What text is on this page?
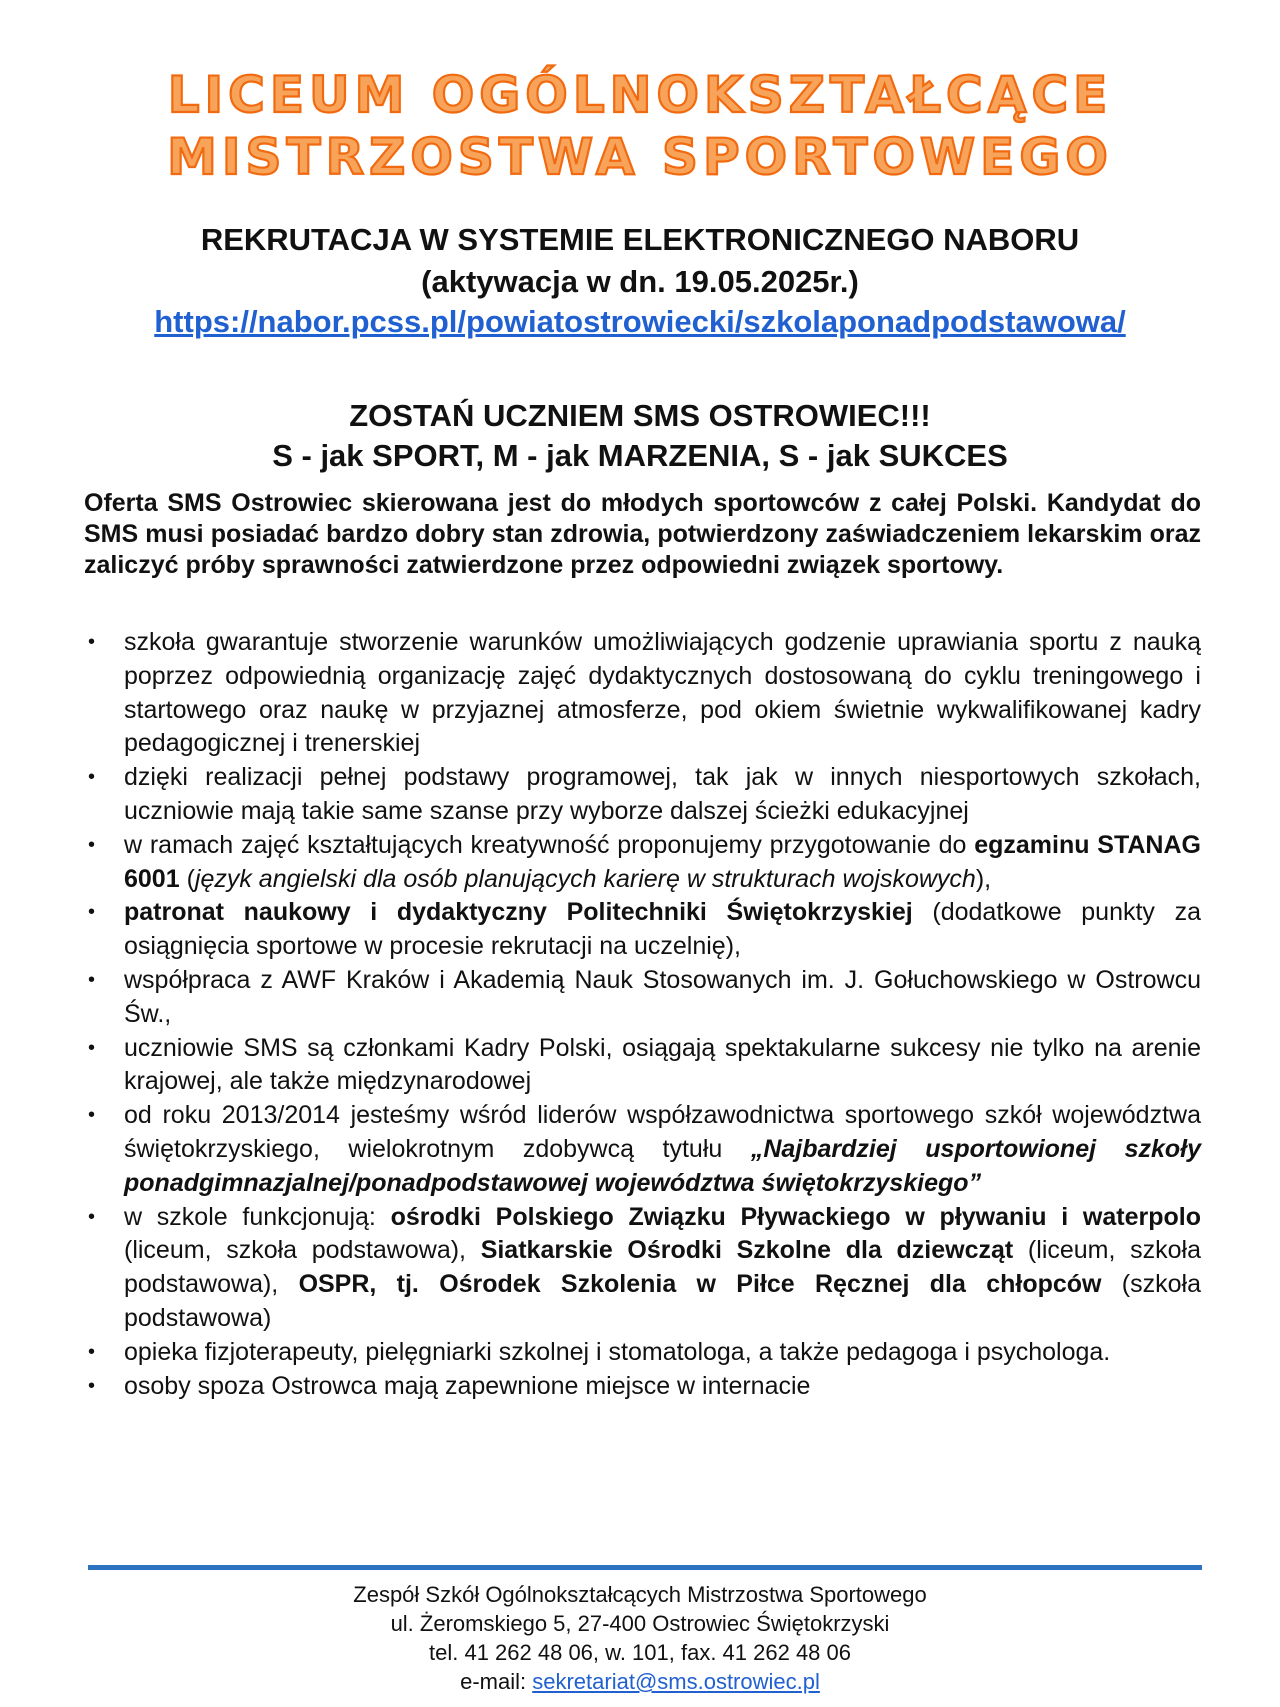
LICEUM OGÓLNOKSZTAŁCĄCE
MISTRZOSTWA SPORTOWEGO
REKRUTACJA W SYSTEMIE ELEKTRONICZNEGO NABORU
(aktywacja w dn. 19.05.2025r.)
https://nabor.pcss.pl/powiatostrowiecki/szkolaponadpodstawowa/
ZOSTAŃ UCZNIEM SMS OSTROWIEC!!!
S - jak SPORT, M - jak MARZENIA, S - jak SUKCES
Oferta SMS Ostrowiec skierowana jest do młodych sportowców z całej Polski. Kandydat do SMS musi posiadać bardzo dobry stan zdrowia, potwierdzony zaświadczeniem lekarskim oraz zaliczyć próby sprawności zatwierdzone przez odpowiedni związek sportowy.
• szkoła gwarantuje stworzenie warunków umożliwiających godzenie uprawiania sportu z nauką poprzez odpowiednią organizację zajęć dydaktycznych dostosowaną do cyklu treningowego i startowego oraz naukę w przyjaznej atmosferze, pod okiem świetnie wykwalifikowanej kadry pedagogicznej i trenerskiej
• dzięki realizacji pełnej podstawy programowej, tak jak w innych niesportowych szkołach, uczniowie mają takie same szanse przy wyborze dalszej ścieżki edukacyjnej
• w ramach zajęć kształtujących kreatywność proponujemy przygotowanie do egzaminu STANAG 6001 (język angielski dla osób planujących karierę w strukturach wojskowych),
• patronat naukowy i dydaktyczny Politechniki Świętokrzyskiej (dodatkowe punkty za osiągnięcia sportowe w procesie rekrutacji na uczelnię),
• współpraca z AWF Kraków i Akademią Nauk Stosowanych im. J. Gołuchowskiego w Ostrowcu Św.,
• uczniowie SMS są członkami Kadry Polski, osiągają spektakularne sukcesy nie tylko na arenie krajowej, ale także międzynarodowej
• od roku 2013/2014 jesteśmy wśród liderów współzawodnictwa sportowego szkół województwa świętokrzyskiego, wielokrotnym zdobywcą tytułu „Najbardziej usportowionej szkoły ponadgimnazjalnej/ponadpodstawowej województwa świętokrzyskiego”
• w szkole funkcjonują: ośrodki Polskiego Związku Pływackiego w pływaniu i waterpolo (liceum, szkoła podstawowa), Siatkarskie Ośrodki Szkolne dla dziewcząt (liceum, szkoła podstawowa), OSPR, tj. Ośrodek Szkolenia w Piłce Ręcznej dla chłopców (szkoła podstawowa)
• opieka fizjoterapeuty, pielęgniarki szkolnej i stomatologa, a także pedagoga i psychologa.
• osoby spoza Ostrowca mają zapewnione miejsce w internacie
Zespół Szkół Ogólnokształcących Mistrzostwa Sportowego
ul. Żeromskiego 5, 27-400 Ostrowiec Świętokrzyski
tel. 41 262 48 06, w. 101, fax. 41 262 48 06
e-mail: sekretariat@sms.ostrowiec.pl
